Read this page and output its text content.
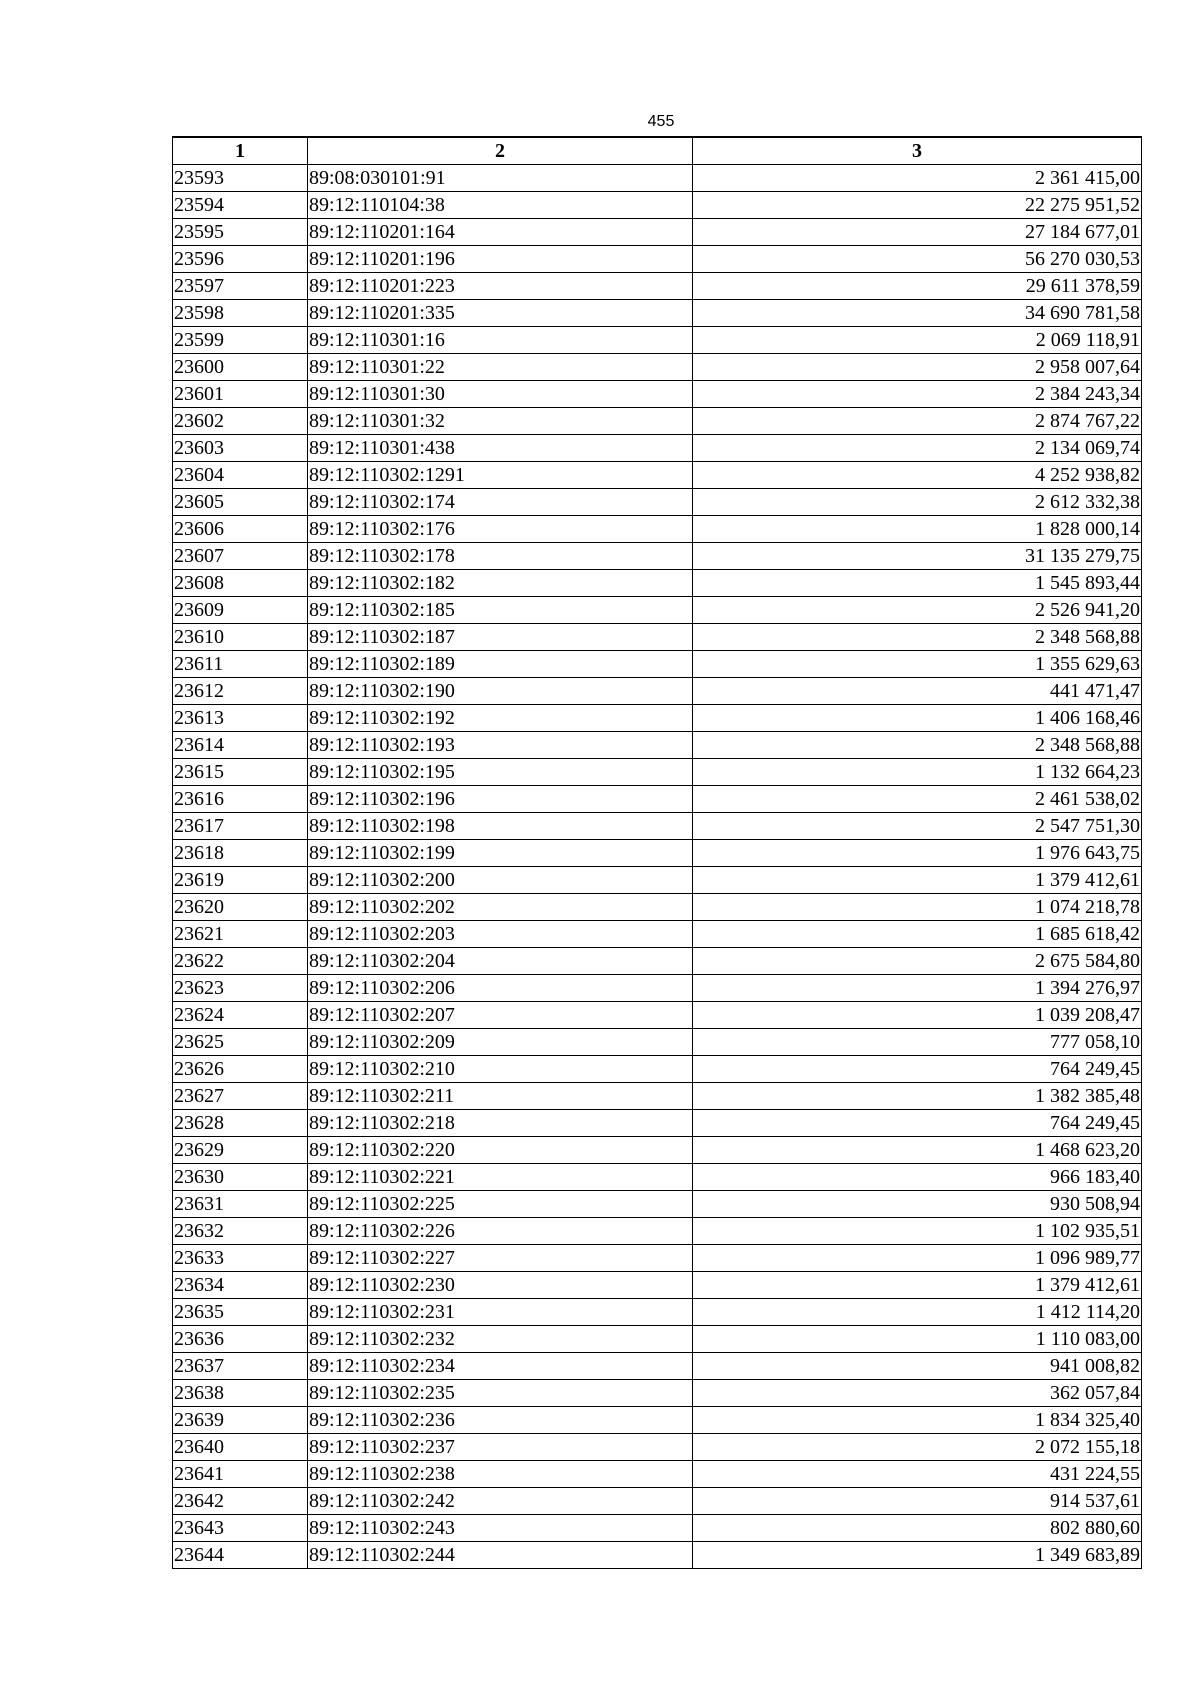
455
1	2	3
23593	89:08:030101:91	2 361 415,00
23594	89:12:110104:38	22 275 951,52
23595	89:12:110201:164	27 184 677,01
23596	89:12:110201:196	56 270 030,53
23597	89:12:110201:223	29 611 378,59
23598	89:12:110201:335	34 690 781,58
23599	89:12:110301:16	2 069 118,91
23600	89:12:110301:22	2 958 007,64
23601	89:12:110301:30	2 384 243,34
23602	89:12:110301:32	2 874 767,22
23603	89:12:110301:438	2 134 069,74
23604	89:12:110302:1291	4 252 938,82
23605	89:12:110302:174	2 612 332,38
23606	89:12:110302:176	1 828 000,14
23607	89:12:110302:178	31 135 279,75
23608	89:12:110302:182	1 545 893,44
23609	89:12:110302:185	2 526 941,20
23610	89:12:110302:187	2 348 568,88
23611	89:12:110302:189	1 355 629,63
23612	89:12:110302:190	441 471,47
23613	89:12:110302:192	1 406 168,46
23614	89:12:110302:193	2 348 568,88
23615	89:12:110302:195	1 132 664,23
23616	89:12:110302:196	2 461 538,02
23617	89:12:110302:198	2 547 751,30
23618	89:12:110302:199	1 976 643,75
23619	89:12:110302:200	1 379 412,61
23620	89:12:110302:202	1 074 218,78
23621	89:12:110302:203	1 685 618,42
23622	89:12:110302:204	2 675 584,80
23623	89:12:110302:206	1 394 276,97
23624	89:12:110302:207	1 039 208,47
23625	89:12:110302:209	777 058,10
23626	89:12:110302:210	764 249,45
23627	89:12:110302:211	1 382 385,48
23628	89:12:110302:218	764 249,45
23629	89:12:110302:220	1 468 623,20
23630	89:12:110302:221	966 183,40
23631	89:12:110302:225	930 508,94
23632	89:12:110302:226	1 102 935,51
23633	89:12:110302:227	1 096 989,77
23634	89:12:110302:230	1 379 412,61
23635	89:12:110302:231	1 412 114,20
23636	89:12:110302:232	1 110 083,00
23637	89:12:110302:234	941 008,82
23638	89:12:110302:235	362 057,84
23639	89:12:110302:236	1 834 325,40
23640	89:12:110302:237	2 072 155,18
23641	89:12:110302:238	431 224,55
23642	89:12:110302:242	914 537,61
23643	89:12:110302:243	802 880,60
23644	89:12:110302:244	1 349 683,89
